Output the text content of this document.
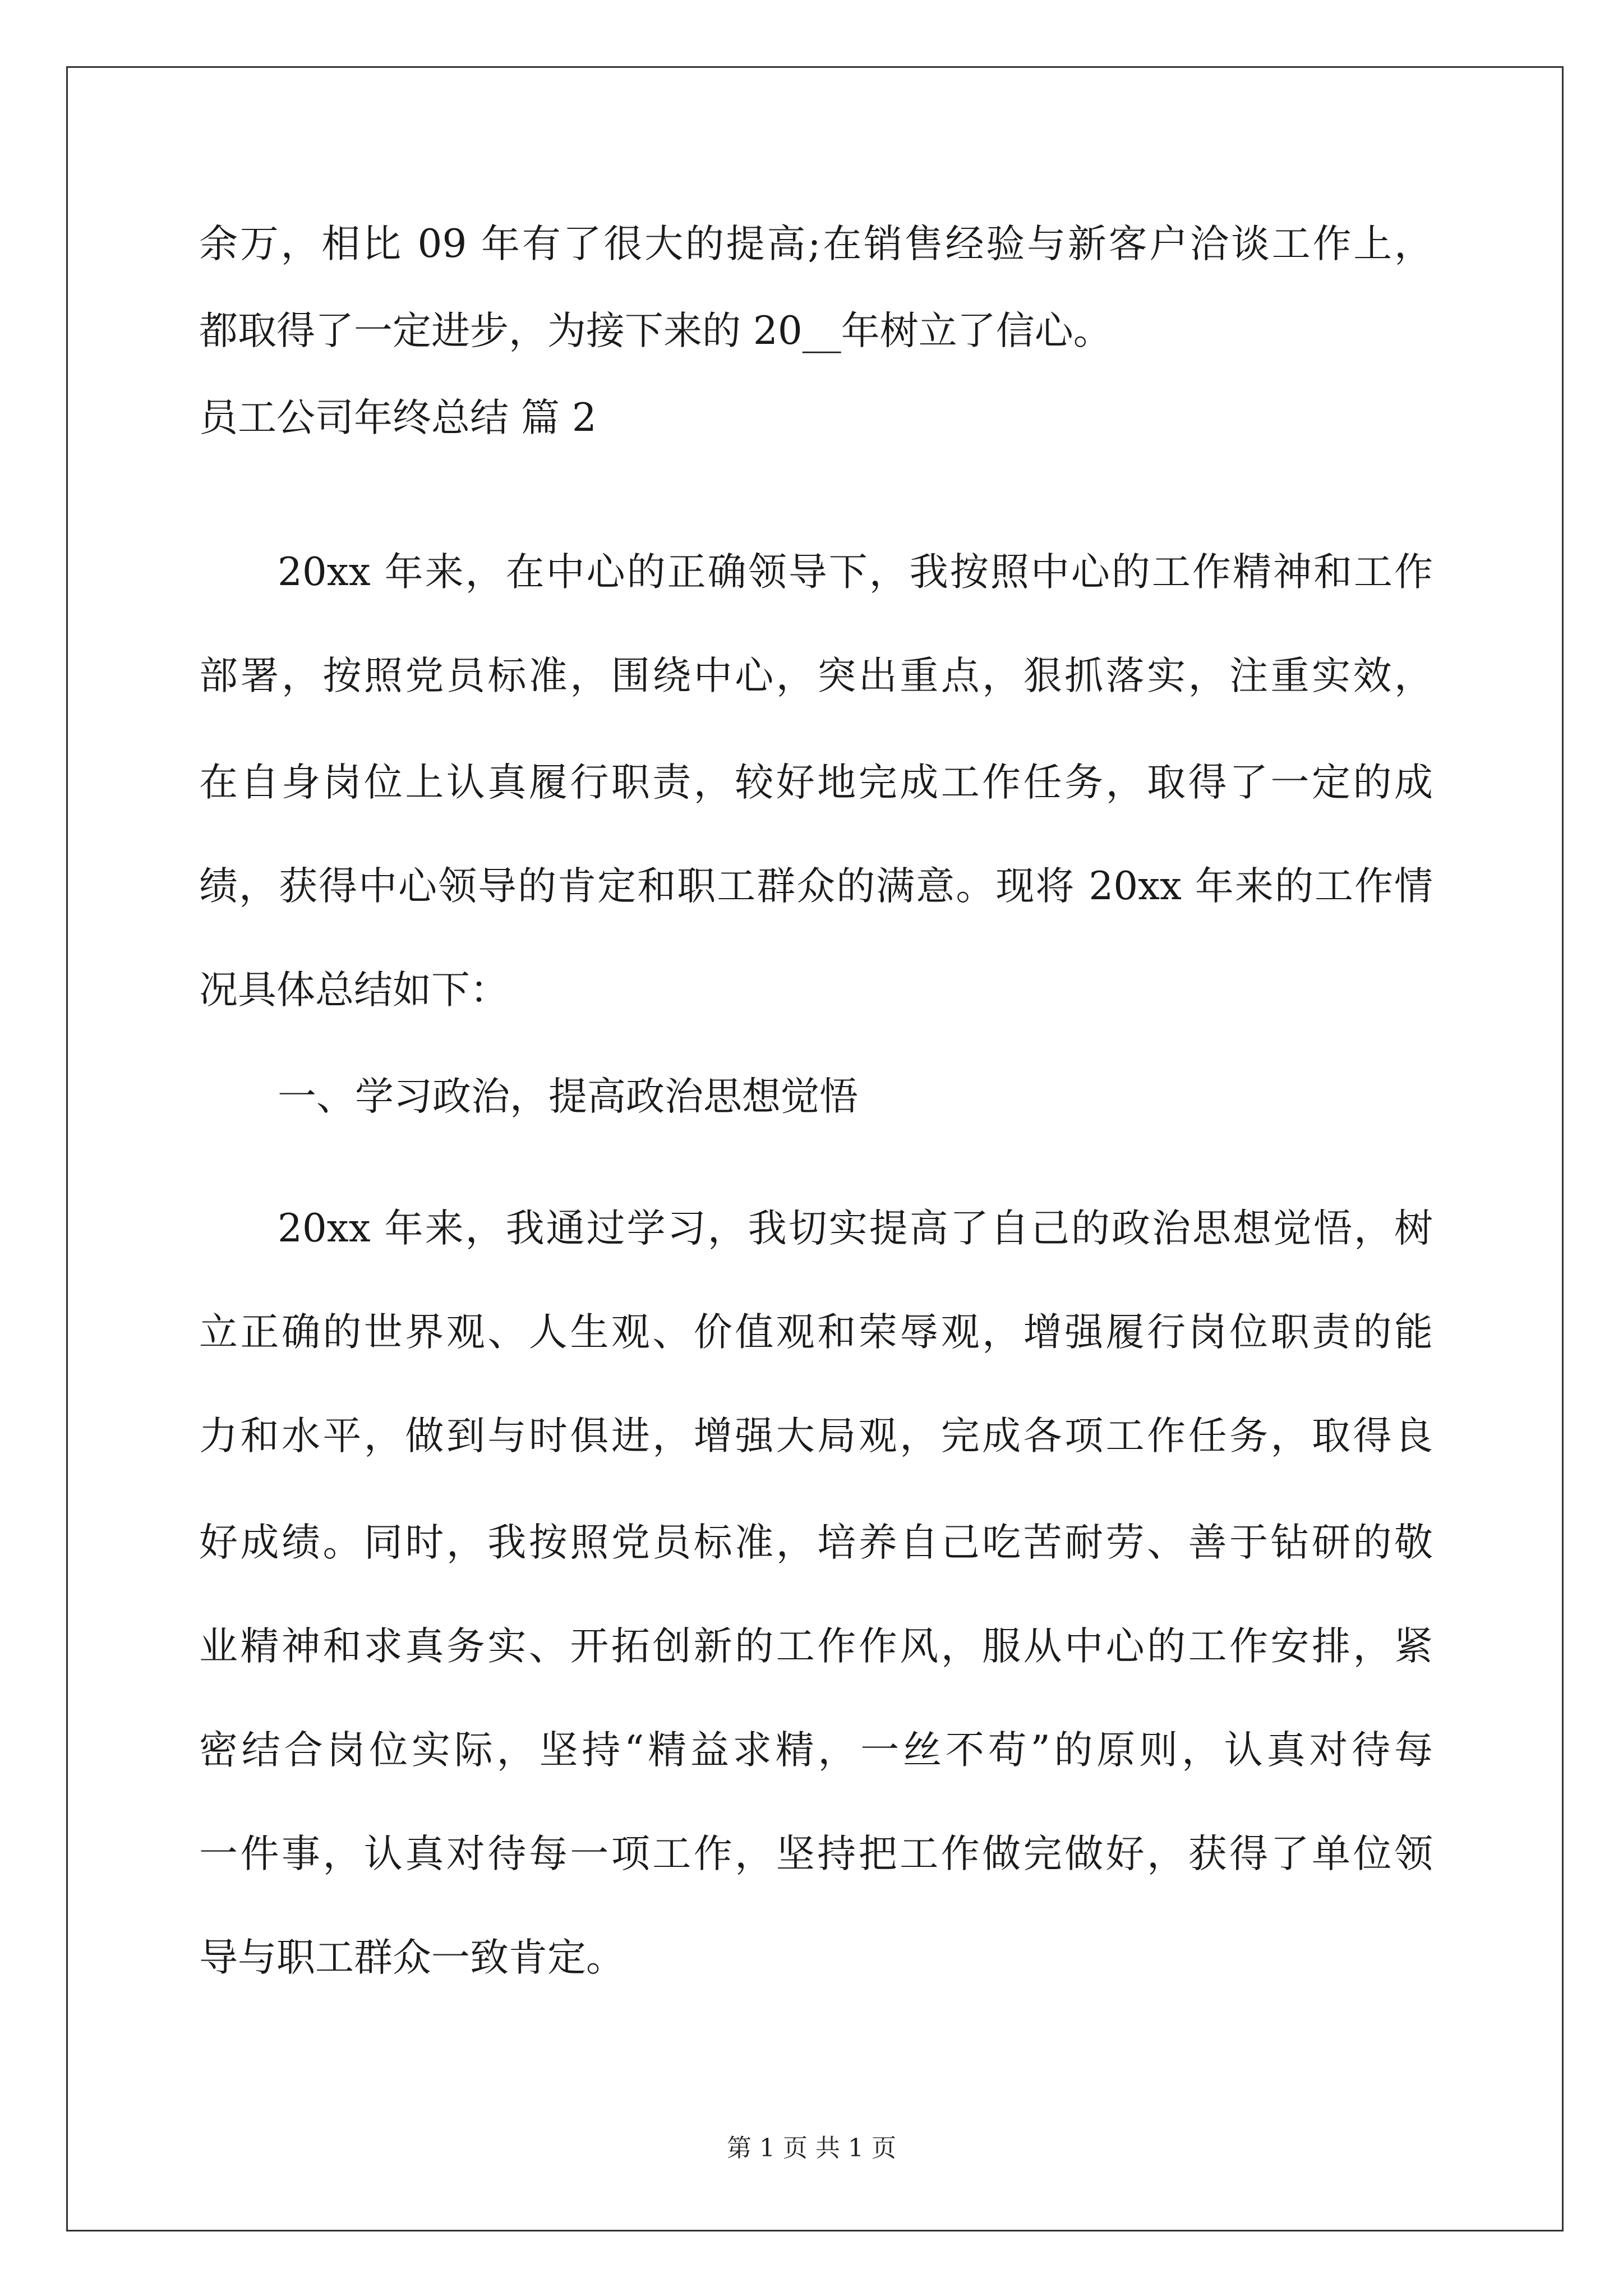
余万，相比 09 年有了很大的提高;在销售经验与新客户洽谈工作上，
都取得了一定进步，为接下来的 20__年树立了信心。
员工公司年终总结 篇 2
20xx 年来，在中心的正确领导下，我按照中心的工作精神和工作
部署，按照党员标准，围绕中心，突出重点，狠抓落实，注重实效，
在自身岗位上认真履行职责，较好地完成工作任务，取得了一定的成
绩，获得中心领导的肯定和职工群众的满意。现将 20xx 年来的工作情
况具体总结如下：
一、学习政治，提高政治思想觉悟
20xx 年来，我通过学习，我切实提高了自己的政治思想觉悟，树
立正确的世界观、人生观、价值观和荣辱观，增强履行岗位职责的能
力和水平，做到与时俱进，增强大局观，完成各项工作任务，取得良
好成绩。同时，我按照党员标准，培养自己吃苦耐劳、善于钻研的敬
业精神和求真务实、开拓创新的工作作风，服从中心的工作安排，紧
密结合岗位实际，坚持“精益求精，一丝不苟”的原则，认真对待每
一件事，认真对待每一项工作，坚持把工作做完做好，获得了单位领
导与职工群众一致肯定。
第 1 页 共 1 页
